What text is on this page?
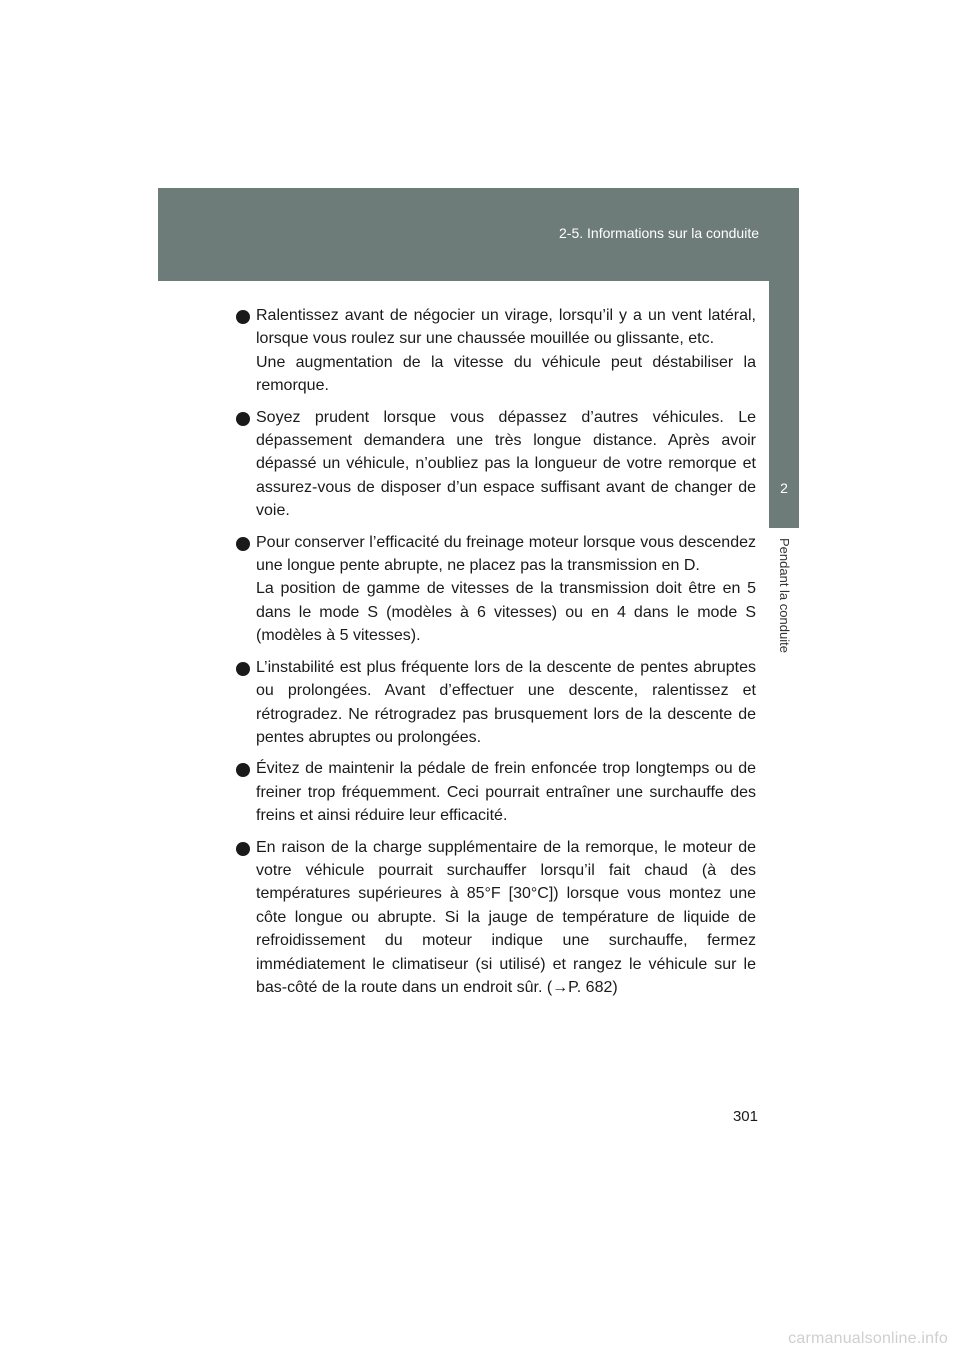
2-5. Informations sur la conduite
2
Pendant la conduite

Ralentissez avant de négocier un virage, lorsqu’il y a un vent latéral, lorsque vous roulez sur une chaussée mouillée ou glissante, etc.

Une augmentation de la vitesse du véhicule peut déstabiliser la remorque.

Soyez prudent lorsque vous dépassez d’autres véhicules. Le dépassement demandera une très longue distance. Après avoir dépassé un véhicule, n’oubliez pas la longueur de votre remorque et assurez-vous de disposer d’un espace suffisant avant de changer de voie.

Pour conserver l’efficacité du freinage moteur lorsque vous descendez une longue pente abrupte, ne placez pas la transmission en D.

La position de gamme de vitesses de la transmission doit être en 5 dans le mode S (modèles à 6 vitesses) ou en 4 dans le mode S (modèles à 5 vitesses).

L’instabilité est plus fréquente lors de la descente de pentes abruptes ou prolongées. Avant d’effectuer une descente, ralentissez et rétrogradez. Ne rétrogradez pas brusquement lors de la descente de pentes abruptes ou prolongées.

Évitez de maintenir la pédale de frein enfoncée trop longtemps ou de freiner trop fréquemment. Ceci pourrait entraîner une surchauffe des freins et ainsi réduire leur efficacité.

En raison de la charge supplémentaire de la remorque, le moteur de votre véhicule pourrait surchauffer lorsqu’il fait chaud (à des températures supérieures à 85°F [30°C]) lorsque vous montez une côte longue ou abrupte. Si la jauge de température de liquide de refroidissement du moteur indique une surchauffe, fermez immédiatement le climatiseur (si utilisé) et rangez le véhicule sur le bas-côté de la route dans un endroit sûr. (→P. 682)

301
carmanualsonline.info
